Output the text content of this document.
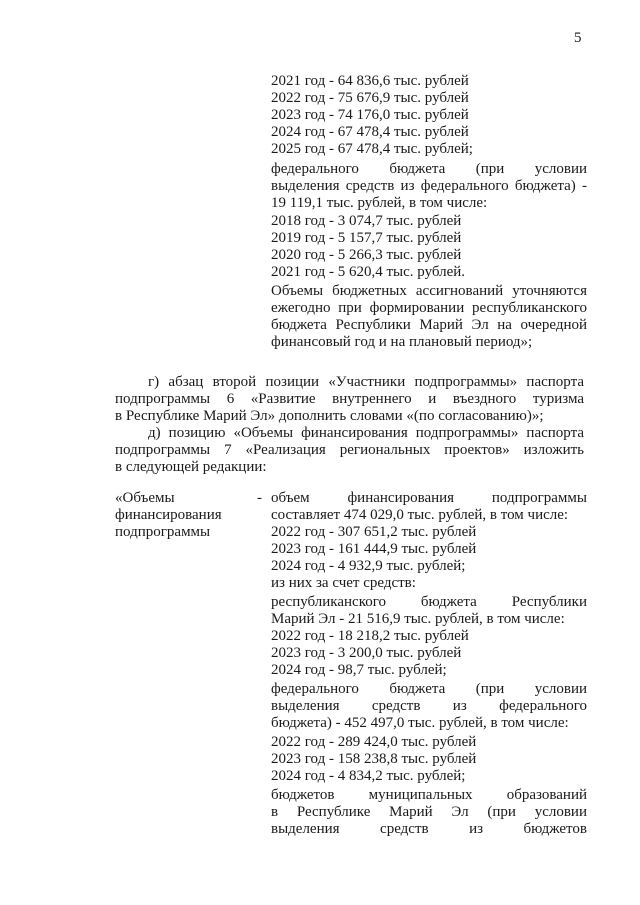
5
2021 год - 64 836,6 тыс. рублей
2022 год - 75 676,9 тыс. рублей
2023 год - 74 176,0 тыс. рублей
2024 год - 67 478,4 тыс. рублей
2025 год - 67 478,4 тыс. рублей;
федерального бюджета (при условии
выделения средств из федерального бюджета) -
19 119,1 тыс. рублей, в том числе:
2018 год - 3 074,7 тыс. рублей
2019 год - 5 157,7 тыс. рублей
2020 год - 5 266,3 тыс. рублей
2021 год - 5 620,4 тыс. рублей.
Объемы бюджетных ассигнований уточняются
ежегодно при формировании республиканского
бюджета Республики Марий Эл на очередной
финансовый год и на плановый период»;
г) абзац второй позиции «Участники подпрограммы» паспорта
подпрограммы 6 «Развитие внутреннего и въездного туризма
в Республике Марий Эл» дополнить словами «(по согласованию)»;
д) позицию «Объемы финансирования подпрограммы» паспорта
подпрограммы 7 «Реализация региональных проектов» изложить
в следующей редакции:
«Объемы
финансирования
подпрограммы
- объем финансирования подпрограммы
составляет 474 029,0 тыс. рублей, в том числе:
2022 год - 307 651,2 тыс. рублей
2023 год - 161 444,9 тыс. рублей
2024 год - 4 932,9 тыс. рублей;
из них за счет средств:
республиканского бюджета Республики
Марий Эл - 21 516,9 тыс. рублей, в том числе:
2022 год - 18 218,2 тыс. рублей
2023 год - 3 200,0 тыс. рублей
2024 год - 98,7 тыс. рублей;
федерального бюджета (при условии
выделения средств из федерального
бюджета) - 452 497,0 тыс. рублей, в том числе:
2022 год - 289 424,0 тыс. рублей
2023 год - 158 238,8 тыс. рублей
2024 год - 4 834,2 тыс. рублей;
бюджетов муниципальных образований
в Республике Марий Эл (при условии
выделения средств из бюджетов
